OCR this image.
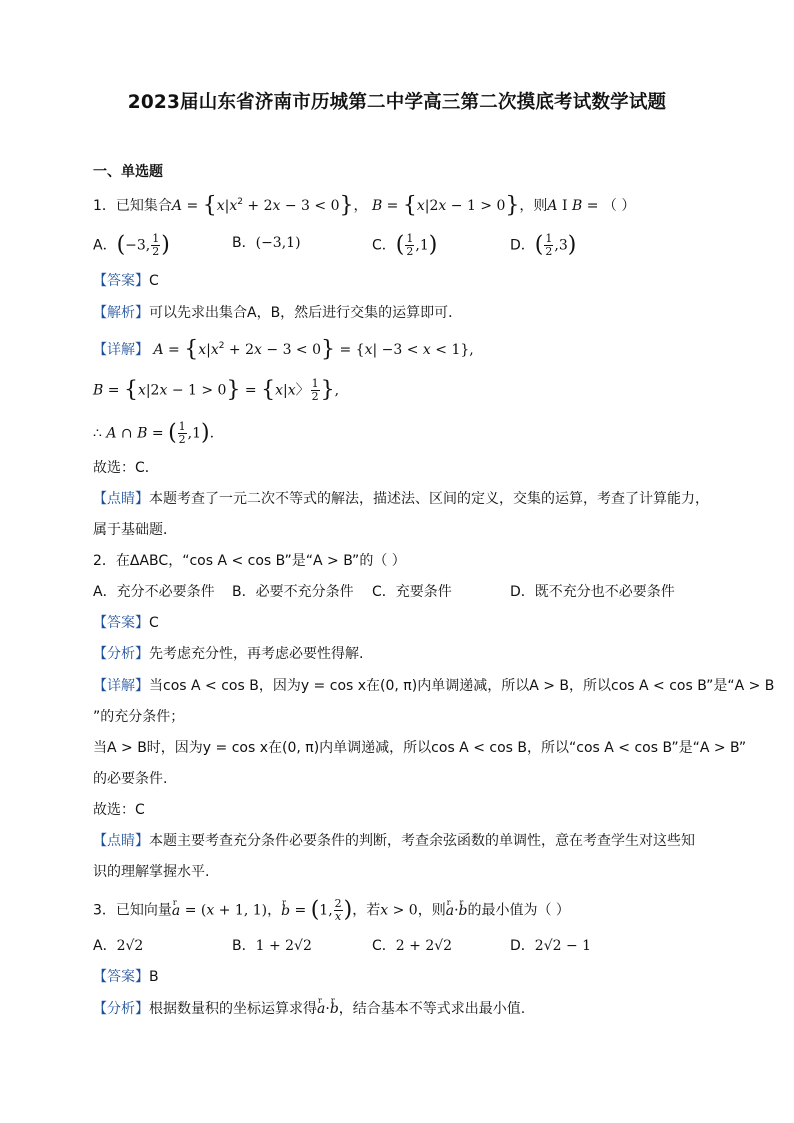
2023届山东省济南市历城第二中学高三第二次摸底考试数学试题
一、单选题
1．已知集合$A = \{x|x^2 + 2x - 3 < 0\}$， B = {x|2x − 1 > 0}，则A I B = （ ）
A．(−3, $\frac{1}{2}$ )	B．(−3,1)	C．( $\frac{1}{2} ,1$)	D．( $\frac{1}{2} ,3$)
【答案】C
【解析】可以先求出集合A，B，然后进行交集的运算即可．
【详解】 $A = \{x|x^2 + 2x - 3 < 0\} = \{x| -3 < x < 1\}$,
B = {x|2x − 1 > 0} = {x|x〉 $\frac{1}{2}$ },
∴ A ∩ B = ( $\frac{1}{2} ,1$).
故选：C．
【点睛】本题考查了一元二次不等式的解法，描述法、区间的定义，交集的运算，考查了计算能力，
属于基础题．
2．在ΔABC，“cos A < cos B”是“A > B”的（ ）
A．充分不必要条件 B．必要不充分条件 C．充要条件	D．既不充分也不必要条件
【答案】C
【分析】先考虑充分性，再考虑必要性得解.
【详解】当cos A < cos B，因为y = cos x在(0, π)内单调递减，所以A > B，所以cos A < cos B”是“A > B
”的充分条件；
当A > B时，因为y = cos x在(0, π)内单调递减，所以cos A < cos B，所以“cos A < cos B”是“A > B”
的必要条件.
故选：C
【点睛】本题主要考查充分条件必要条件的判断，考查余弦函数的单调性，意在考查学生对这些知
识的理解掌握水平.
3．已知向量r a = (x + 1, 1)，r b = (1, $\frac{2}{x}$ )，若x > 0，则r a·r b的最小值为（ ）
A．2√2	B．1 + 2√2	C．2 + 2√2	D．2√2 − 1
【答案】B
【分析】根据数量积的坐标运算求得r a·r b，结合基本不等式求出最小值.
